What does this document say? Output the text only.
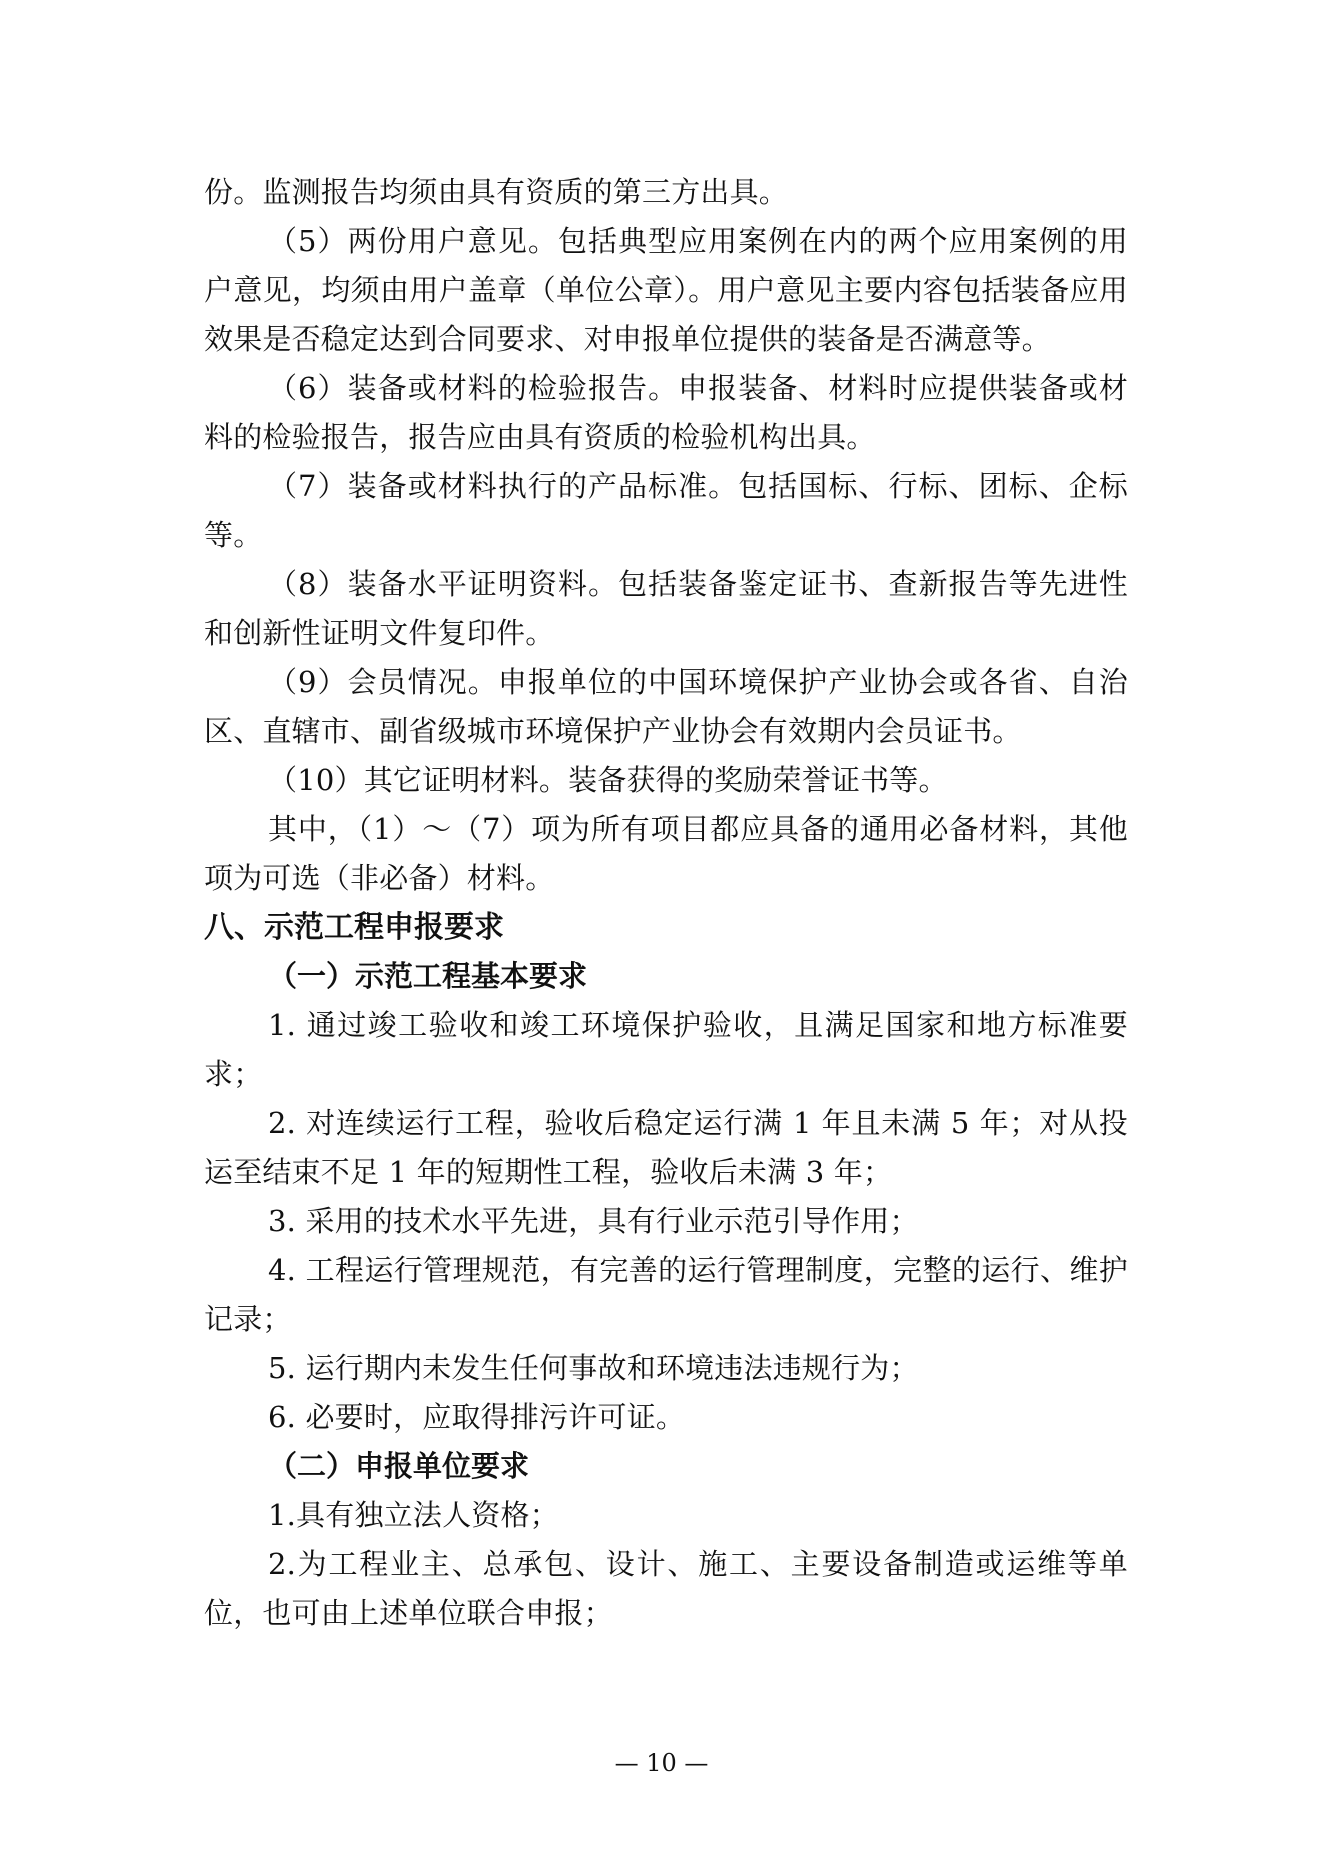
份。监测报告均须由具有资质的第三方出具。

（5）两份用户意见。包括典型应用案例在内的两个应用案例的用户意见，均须由用户盖章（单位公章）。用户意见主要内容包括装备应用效果是否稳定达到合同要求、对申报单位提供的装备是否满意等。

（6）装备或材料的检验报告。申报装备、材料时应提供装备或材料的检验报告，报告应由具有资质的检验机构出具。

（7）装备或材料执行的产品标准。包括国标、行标、团标、企标等。

（8）装备水平证明资料。包括装备鉴定证书、查新报告等先进性和创新性证明文件复印件。

（9）会员情况。申报单位的中国环境保护产业协会或各省、自治区、直辖市、副省级城市环境保护产业协会有效期内会员证书。

（10）其它证明材料。装备获得的奖励荣誉证书等。

其中，（1）～（7）项为所有项目都应具备的通用必备材料，其他项为可选（非必备）材料。

八、示范工程申报要求

（一）示范工程基本要求

1. 通过竣工验收和竣工环境保护验收，且满足国家和地方标准要求；

2. 对连续运行工程，验收后稳定运行满 1 年且未满 5 年；对从投运至结束不足 1 年的短期性工程，验收后未满 3 年；

3. 采用的技术水平先进，具有行业示范引导作用；

4. 工程运行管理规范，有完善的运行管理制度，完整的运行、维护记录；

5. 运行期内未发生任何事故和环境违法违规行为；

6. 必要时，应取得排污许可证。

（二）申报单位要求

1.具有独立法人资格；

2.为工程业主、总承包、设计、施工、主要设备制造或运维等单位，也可由上述单位联合申报；

— 10 —
